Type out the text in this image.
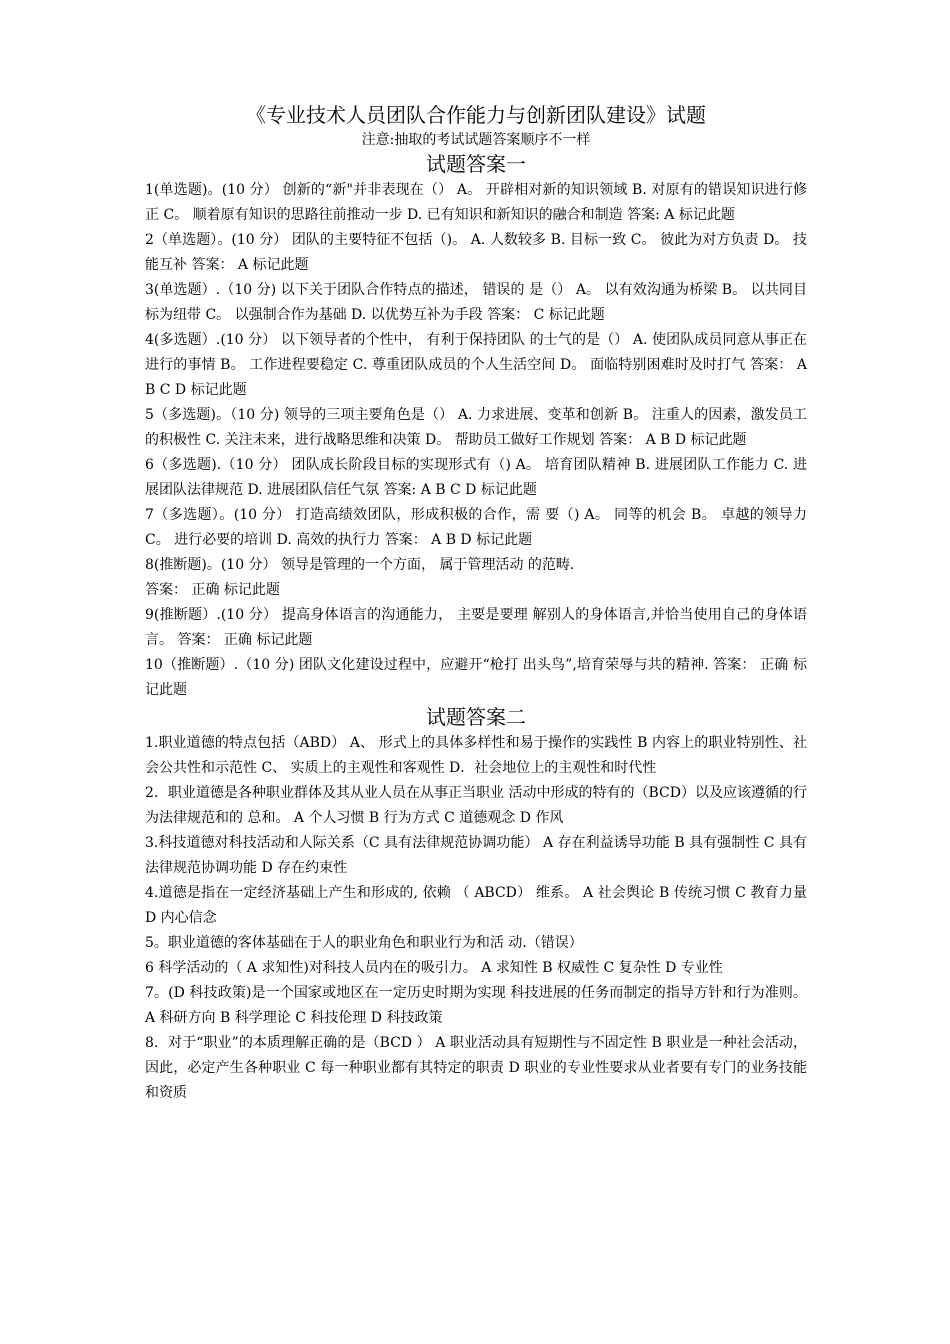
《专业技术人员团队合作能力与创新团队建设》试题

注意:抽取的考试试题答案顺序不一样

试题答案一

1(单选题)。(10 分） 创新的“新"并非表现在（） A。 开辟相对新的知识领域 B. 对原有的错误知识进行修正 C。 顺着原有知识的思路往前推动一步 D. 已有知识和新知识的融合和制造 答案: A 标记此题

2（单选题）。(10 分） 团队的主要特征不包括（)。 A. 人数较多 B. 目标一致 C。 彼此为对方负责 D。 技能互补 答案： A 标记此题

3(单选题）.（10 分) 以下关于团队合作特点的描述， 错误的 是（） A。 以有效沟通为桥梁 B。 以共同目标为纽带 C。 以强制合作为基础 D. 以优势互补为手段 答案： C 标记此题

4(多选题）.(10 分） 以下领导者的个性中， 有利于保持团队 的士气的是（） A. 使团队成员同意从事正在进行的事情 B。 工作进程要稳定 C. 尊重团队成员的个人生活空间 D。 面临特别困难时及时打气 答案： A B C D 标记此题

5（多选题)。（10 分) 领导的三项主要角色是（） A. 力求进展、变革和创新 B。 注重人的因素，激发员工的积极性 C. 关注未来，进行战略思维和决策 D。 帮助员工做好工作规划 答案： A B D 标记此题

6（多选题).（10 分） 团队成长阶段目标的实现形式有（) A。 培育团队精神 B. 进展团队工作能力 C. 进展团队法律规范 D. 进展团队信任气氛 答案: A B C D 标记此题

7（多选题）。(10 分） 打造高绩效团队，形成积极的合作，需 要（) A。 同等的机会 B。 卓越的领导力 C。 进行必要的培训 D. 高效的执行力 答案： A B D 标记此题

8(推断题)。(10 分） 领导是管理的一个方面， 属于管理活动 的范畴.

答案： 正确 标记此题

9(推断题）.(10 分） 提高身体语言的沟通能力， 主要是要理 解别人的身体语言,并恰当使用自己的身体语言。 答案： 正确 标记此题

10（推断题）.（10 分) 团队文化建设过程中，应避开“枪打 出头鸟”,培育荣辱与共的精神. 答案： 正确 标记此题

试题答案二

1.职业道德的特点包括（ABD） A、 形式上的具体多样性和易于操作的实践性 B 内容上的职业特别性、社会公共性和示范性 C、 实质上的主观性和客观性 D．社会地位上的主观性和时代性

2．职业道德是各种职业群体及其从业人员在从事正当职业 活动中形成的特有的（BCD）以及应该遵循的行为法律规范和的 总和。 A 个人习惯 B 行为方式 C 道德观念 D 作风

3.科技道德对科技活动和人际关系（C 具有法律规范协调功能） A 存在利益诱导功能 B 具有强制性 C 具有法律规范协调功能 D 存在约束性

4.道德是指在一定经济基础上产生和形成的, 依赖 （ ABCD） 维系。 A 社会舆论 B 传统习惯 C 教育力量 D 内心信念

5。职业道德的客体基础在于人的职业角色和职业行为和活 动.（错误）

6 科学活动的（ A 求知性)对科技人员内在的吸引力。 A 求知性 B 权威性 C 复杂性 D 专业性

7。(D 科技政策)是一个国家或地区在一定历史时期为实现 科技进展的任务而制定的指导方针和行为准则。 A 科研方向 B 科学理论 C 科技伦理 D 科技政策

8．对于“职业”的本质理解正确的是（BCD ） A 职业活动具有短期性与不固定性 B 职业是一种社会活动，因此，必定产生各种职业 C 每一种职业都有其特定的职责 D 职业的专业性要求从业者要有专门的业务技能和资质
